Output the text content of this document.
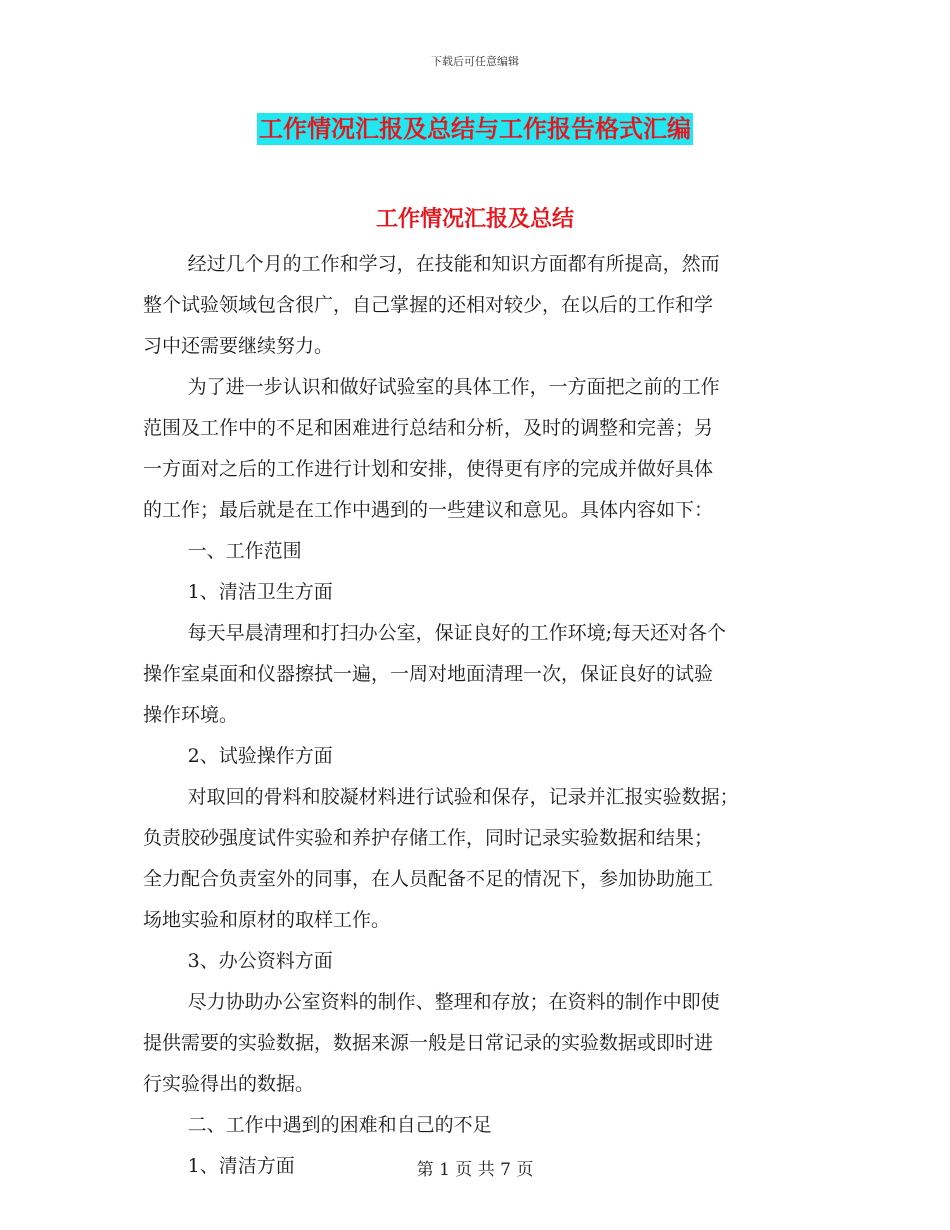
下载后可任意编辑
工作情况汇报及总结与工作报告格式汇编
工作情况汇报及总结

经过几个月的工作和学习，在技能和知识方面都有所提高，然而

整个试验领域包含很广，自己掌握的还相对较少，在以后的工作和学

习中还需要继续努力。

为了进一步认识和做好试验室的具体工作，一方面把之前的工作

范围及工作中的不足和困难进行总结和分析，及时的调整和完善；另

一方面对之后的工作进行计划和安排，使得更有序的完成并做好具体

的工作；最后就是在工作中遇到的一些建议和意见。具体内容如下：

一、工作范围

1、清洁卫生方面

每天早晨清理和打扫办公室，保证良好的工作环境;每天还对各个

操作室桌面和仪器擦拭一遍，一周对地面清理一次，保证良好的试验

操作环境。

2、试验操作方面

对取回的骨料和胶凝材料进行试验和保存，记录并汇报实验数据；

负责胶砂强度试件实验和养护存储工作，同时记录实验数据和结果；

全力配合负责室外的同事，在人员配备不足的情况下，参加协助施工

场地实验和原材的取样工作。

3、办公资料方面

尽力协助办公室资料的制作、整理和存放；在资料的制作中即使

提供需要的实验数据，数据来源一般是日常记录的实验数据或即时进

行实验得出的数据。

二、工作中遇到的困难和自己的不足

1、清洁方面	第 1 页 共 7 页
